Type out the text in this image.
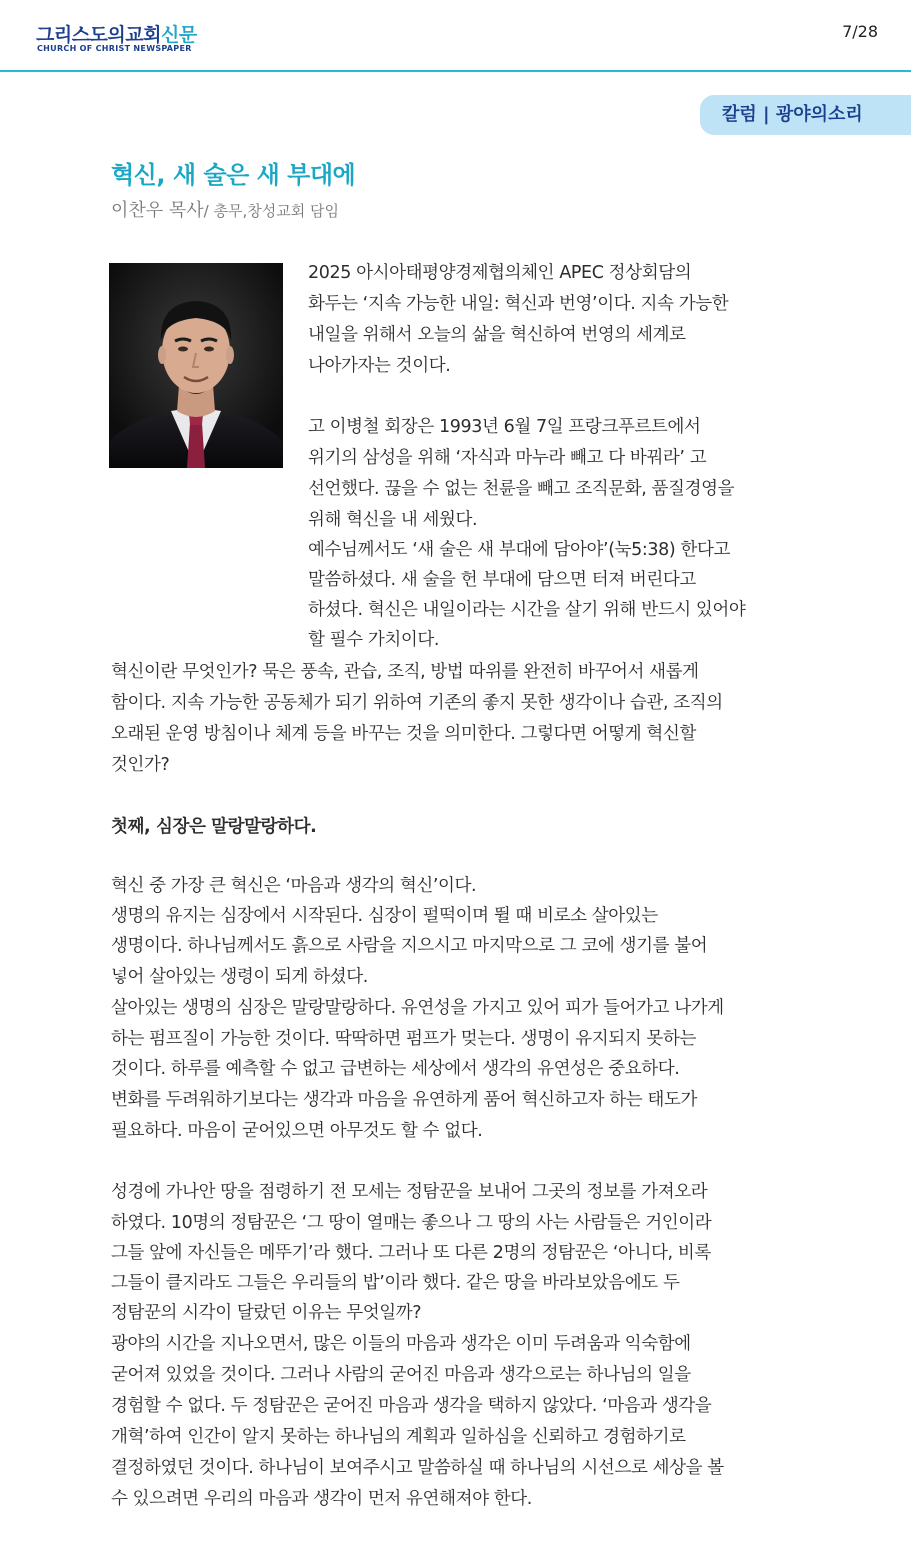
그리스도의교회신문
CHURCH OF CHRIST NEWSPAPER
7/28
칼럼 | 광야의소리
혁신, 새 술은 새 부대에
이찬우 목사/ 총무,창성교회 담임
2025 아시아태평양경제협의체인 APEC 정상회담의
화두는 ‘지속 가능한 내일: 혁신과 번영’이다. 지속 가능한
내일을 위해서 오늘의 삶을 혁신하여 번영의 세계로
나아가자는 것이다.
고 이병철 회장은 1993년 6월 7일 프랑크푸르트에서
위기의 삼성을 위해 ‘자식과 마누라 빼고 다 바꿔라’ 고
선언했다. 끊을 수 없는 천륜을 빼고 조직문화, 품질경영을
위해 혁신을 내 세웠다.
예수님께서도 ‘새 술은 새 부대에 담아야’(눅5:38) 한다고
말씀하셨다. 새 술을 헌 부대에 담으면 터져 버린다고
하셨다. 혁신은 내일이라는 시간을 살기 위해 반드시 있어야
할 필수 가치이다.
혁신이란 무엇인가? 묵은 풍속, 관습, 조직, 방법 따위를 완전히 바꾸어서 새롭게
함이다. 지속 가능한 공동체가 되기 위하여 기존의 좋지 못한 생각이나 습관, 조직의
오래된 운영 방침이나 체계 등을 바꾸는 것을 의미한다. 그렇다면 어떻게 혁신할
것인가?
첫째, 심장은 말랑말랑하다.
혁신 중 가장 큰 혁신은 ‘마음과 생각의 혁신’이다.
생명의 유지는 심장에서 시작된다. 심장이 펄떡이며 뛸 때 비로소 살아있는
생명이다. 하나님께서도 흙으로 사람을 지으시고 마지막으로 그 코에 생기를 불어
넣어 살아있는 생령이 되게 하셨다.
살아있는 생명의 심장은 말랑말랑하다. 유연성을 가지고 있어 피가 들어가고 나가게
하는 펌프질이 가능한 것이다. 딱딱하면 펌프가 멎는다. 생명이 유지되지 못하는
것이다. 하루를 예측할 수 없고 급변하는 세상에서 생각의 유연성은 중요하다.
변화를 두려워하기보다는 생각과 마음을 유연하게 품어 혁신하고자 하는 태도가
필요하다. 마음이 굳어있으면 아무것도 할 수 없다.
성경에 가나안 땅을 점령하기 전 모세는 정탐꾼을 보내어 그곳의 정보를 가져오라
하였다. 10명의 정탐꾼은 ‘그 땅이 열매는 좋으나 그 땅의 사는 사람들은 거인이라
그들 앞에 자신들은 메뚜기’라 했다. 그러나 또 다른 2명의 정탐꾼은 ‘아니다, 비록
그들이 클지라도 그들은 우리들의 밥’이라 했다. 같은 땅을 바라보았음에도 두
정탐꾼의 시각이 달랐던 이유는 무엇일까?
광야의 시간을 지나오면서, 많은 이들의 마음과 생각은 이미 두려움과 익숙함에
굳어져 있었을 것이다. 그러나 사람의 굳어진 마음과 생각으로는 하나님의 일을
경험할 수 없다. 두 정탐꾼은 굳어진 마음과 생각을 택하지 않았다. ‘마음과 생각을
개혁’하여 인간이 알지 못하는 하나님의 계획과 일하심을 신뢰하고 경험하기로
결정하였던 것이다. 하나님이 보여주시고 말씀하실 때 하나님의 시선으로 세상을 볼
수 있으려면 우리의 마음과 생각이 먼저 유연해져야 한다.
